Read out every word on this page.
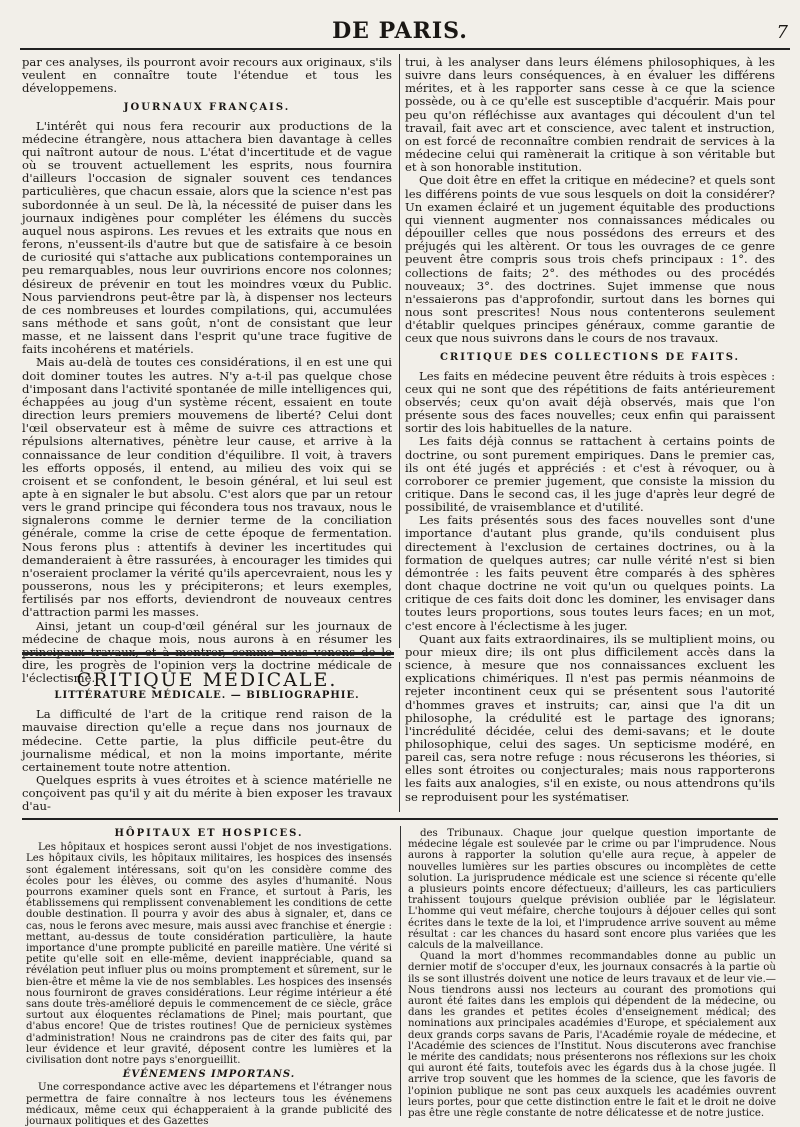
DE PARIS.	7

par ces analyses, ils pourront avoir recours aux originaux, s'ils veulent en connaître toute l'étendue et tous les développemens.

JOURNAUX FRANÇAIS.

L'intérêt qui nous fera recourir aux productions de la médecine étrangère, nous attachera bien davantage à celles qui naîtront autour de nous. L'état d'incertitude et de vague où se trouvent actuellement les esprits, nous fournira d'ailleurs l'occasion de signaler souvent ces tendances particulières, que chacun essaie, alors que la science n'est pas subordonnée à un seul. De là, la nécessité de puiser dans les journaux indigènes pour compléter les élémens du succès auquel nous aspirons. Les revues et les extraits que nous en ferons, n'eussent-ils d'autre but que de satisfaire à ce besoin de curiosité qui s'attache aux publications contemporaines un peu remarquables, nous leur ouvririons encore nos colonnes; désireux de prévenir en tout les moindres vœux du Public. Nous parviendrons peut-être par là, à dispenser nos lecteurs de ces nombreuses et lourdes compilations, qui, accumulées sans méthode et sans goût, n'ont de consistant que leur masse, et ne laissent dans l'esprit qu'une trace fugitive de faits incohérens et matériels.

Mais au-delà de toutes ces considérations, il en est une qui doit dominer toutes les autres. N'y a-t-il pas quelque chose d'imposant dans l'activité spontanée de mille intelligences qui, échappées au joug d'un système récent, essaient en toute direction leurs premiers mouvemens de liberté? Celui dont l'œil observateur est à même de suivre ces attractions et répulsions alternatives, pénètre leur cause, et arrive à la connaissance de leur condition d'équilibre. Il voit, à travers les efforts opposés, il entend, au milieu des voix qui se croisent et se confondent, le besoin général, et lui seul est apte à en signaler le but absolu. C'est alors que par un retour vers le grand principe qui fécondera tous nos travaux, nous le signalerons comme le dernier terme de la conciliation générale, comme la crise de cette époque de fermentation. Nous ferons plus : attentifs à deviner les incertitudes qui demanderaient à être rassurées, à encourager les timides qui n'oseraient proclamer la vérité qu'ils apercevraient, nous les y pousserons, nous les y précipiterons; et leurs exemples, fertilisés par nos efforts, deviendront de nouveaux centres d'attraction parmi les masses.

Ainsi, jetant un coup-d'œil général sur les journaux de médecine de chaque mois, nous aurons à en résumer les dire, les progrès de l'opinion vers la doctrine médicale de l'éclectisme.

CRITIQUE MÉDICALE.
LITTÉRATURE MÉDICALE. — BIBLIOGRAPHIE.

La difficulté de l'art de la critique rend raison de la mauvaise direction qu'elle a reçue dans nos journaux de médecine. Cette partie, la plus difficile peut-être du journalisme médical, et non la moins importante, mérite certainement toute notre attention.

Quelques esprits à vues étroites et à science matérielle ne conçoivent pas qu'il y ait du mérite à bien exposer les travaux d'au-

trui, à les analyser dans leurs élémens philosophiques, à les suivre dans leurs conséquences, à en évaluer les différens mérites, et à les rapporter sans cesse à ce que la science possède, ou à ce qu'elle est susceptible d'acquérir. Mais pour peu qu'on réfléchisse aux avantages qui découlent d'un tel travail, fait avec art et conscience, avec talent et instruction, on est forcé de reconnaître combien rendrait de services à la médecine celui qui ramènerait la critique à son véritable but et à son honorable institution.

Que doit être en effet la critique en médecine? et quels sont les différens points de vue sous lesquels on doit la considérer? Un examen éclairé et un jugement équitable des productions qui viennent augmenter nos connaissances médicales ou dépouiller celles que nous possédons des erreurs et des préjugés qui les altèrent. Or tous les ouvrages de ce genre peuvent être compris sous trois chefs principaux : 1°. des collections de faits; 2°. des méthodes ou des procédés nouveaux; 3°. des doctrines. Sujet immense que nous n'essaierons pas d'approfondir, surtout dans les bornes qui nous sont prescrites! Nous nous contenterons seulement d'établir quelques principes généraux, comme garantie de ceux que nous suivrons dans le cours de nos travaux.

CRITIQUE DES COLLECTIONS DE FAITS.

Les faits en médecine peuvent être réduits à trois espèces : ceux qui ne sont que des répétitions de faits antérieurement observés; ceux qu'on avait déjà observés, mais que l'on présente sous des faces nouvelles; ceux enfin qui paraissent sortir des lois habituelles de la nature.

Les faits déjà connus se rattachent à certains points de doctrine, ou sont purement empiriques. Dans le premier cas, ils ont été jugés et appréciés : et c'est à révoquer, ou à corroborer ce premier jugement, que consiste la mission du critique. Dans le second cas, il les juge d'après leur degré de possibilité, de vraisemblance et d'utilité.

Les faits présentés sous des faces nouvelles sont d'une importance d'autant plus grande, qu'ils conduisent plus directement à l'exclusion de certaines doctrines, ou à la formation de quelques autres; car nulle vérité n'est si bien démontrée : les faits peuvent être comparés à des sphères dont chaque doctrine ne voit qu'un ou quelques points. La critique de ces faits doit donc les dominer, les envisager dans toutes leurs proportions, sous toutes leurs faces; en un mot, c'est encore à l'éclectisme à les juger.

Quant aux faits extraordinaires, ils se multiplient moins, ou pour mieux dire; ils ont plus difficilement accès dans la science, à mesure que nos connaissances excluent les explications chimériques. Il n'est pas permis néanmoins de rejeter incontinent ceux qui se présentent sous l'autorité d'hommes graves et instruits; car, ainsi que l'a dit un philosophe, la crédulité est le partage des ignorans; l'incrédulité décidée, celui des demi-savans; et le doute philosophique, celui des sages. Un septicisme modéré, en pareil cas, sera notre refuge : nous récuserons les théories, si elles sont étroites ou conjecturales; mais nous rapporterons les faits aux analogies, s'il en existe, ou nous attendrons qu'ils se reproduisent pour les systématiser.

HÔPITAUX ET HOSPICES.

Les hôpitaux et hospices seront aussi l'objet de nos investigations. Les hôpitaux civils, les hôpitaux militaires, les hospices des insensés sont également intéressans, soit qu'on les considère comme des écoles pour les élèves, ou comme des asyles d'humanité. Nous pourrons examiner quels sont en France, et surtout à Paris, les établissemens qui remplissent convenablement les conditions de cette double destination. Il pourra y avoir des abus à signaler, et, dans ce cas, nous le ferons avec mesure, mais aussi avec franchise et énergie : mettant, au-dessus de toute considération particulière, la haute importance d'une prompte publicité en pareille matière. Une vérité si petite qu'elle soit en elle-même, devient inappréciable, quand sa révélation peut influer plus ou moins promptement et sûrement, sur le bien-être et même la vie de nos semblables. Les hospices des insensés nous fourniront de graves considérations. Leur régime intérieur a été sans doute très-amélioré depuis le commencement de ce siècle, grâce surtout aux éloquentes réclamations de Pinel; mais pourtant, que d'abus encore! Que de tristes routines! Que de pernicieux systèmes d'administration! Nous ne craindrons pas de citer des faits qui, par leur évidence et leur gravité, déposent contre les lumières et la civilisation dont notre pays s'enorgueillit.

ÉVÉNEMENS IMPORTANS.

Une correspondance active avec les départemens et l'étranger nous permettra de faire connaître à nos lecteurs tous les événemens médicaux, même ceux qui échapperaient à la grande publicité des journaux politiques et des Gazettes

des Tribunaux. Chaque jour quelque question importante de médecine légale est soulevée par le crime ou par l'imprudence. Nous aurons à rapporter la solution qu'elle aura reçue, à appeler de nouvelles lumières sur les parties obscures ou incomplètes de cette solution. La jurisprudence médicale est une science si récente qu'elle a plusieurs points encore défectueux; d'ailleurs, les cas particuliers trahissent toujours quelque prévision oubliée par le législateur. L'homme qui veut méfaire, cherche toujours à déjouer celles qui sont écrites dans le texte de la loi, et l'imprudence arrive souvent au même résultat : car les chances du hasard sont encore plus variées que les calculs de la malveillance.

Quand la mort d'hommes recommandables donne au public un dernier motif de s'occuper d'eux, les journaux consacrés à la partie où ils se sont illustrés doivent une notice de leurs travaux et de leur vie.—Nous tiendrons aussi nos lecteurs au courant des promotions qui auront été faites dans les emplois qui dépendent de la médecine, ou dans les grandes et petites écoles d'enseignement médical; des nominations aux principales académies d'Europe, et spécialement aux deux grands corps savans de Paris, l'Académie royale de médecine, et l'Académie des sciences de l'Institut. Nous discuterons avec franchise le mérite des candidats; nous présenterons nos réflexions sur les choix qui auront été faits, toutefois avec les égards dus à la chose jugée. Il arrive trop souvent que les hommes de la science, que les favoris de l'opinion publique ne sont pas ceux auxquels les académies ouvrent leurs portes, pour que cette distinction entre le fait et le droit ne doive pas être une règle constante de notre délicatesse et de notre justice.
